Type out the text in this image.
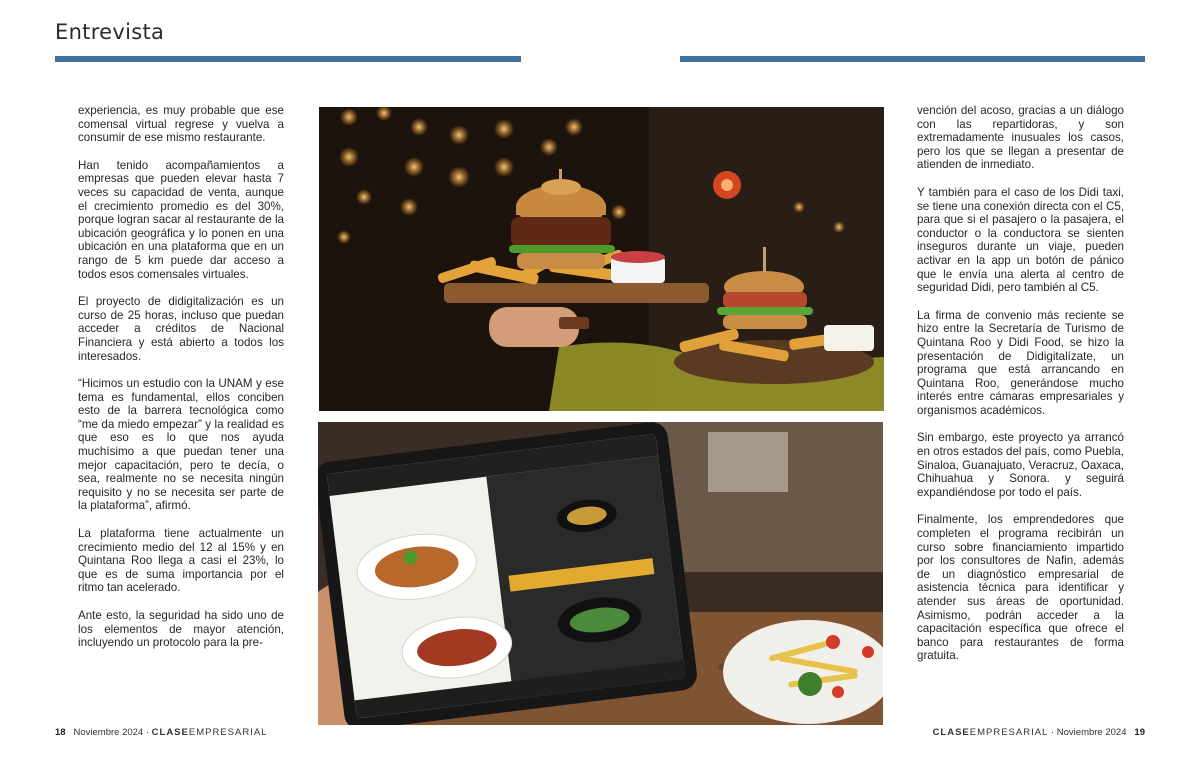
Entrevista

experiencia, es muy probable que ese comensal virtual regrese y vuelva a consumir de ese mismo restaurante.

Han tenido acompañamientos a empresas que pueden elevar hasta 7 veces su capacidad de venta, aunque el crecimiento promedio es del 30%, porque logran sacar al restaurante de la ubicación geográfica y lo ponen en una ubicación en una plataforma que en un rango de 5 km puede dar acceso a todos esos comensales virtuales.

El proyecto de didigitalización es un curso de 25 horas, incluso que puedan acceder a créditos de Nacional Financiera y está abierto a todos los interesados.

“Hicimos un estudio con la UNAM y ese tema es fundamental, ellos conciben esto de la barrera tecnológica como “me da miedo empezar” y la realidad es que eso es lo que nos ayuda muchísimo a que puedan tener una mejor capacitación, pero te decía, o sea, realmente no se necesita ningún requisito y no se necesita ser parte de la plataforma”, afirmó.

La plataforma tiene actualmente un crecimiento medio del 12 al 15% y en Quintana Roo llega a casi el 23%, lo que es de suma importancia por el ritmo tan acelerado.

Ante esto, la seguridad ha sido uno de los elementos de mayor atención, incluyendo un protocolo para la pre-

vención del acoso, gracias a un diálogo con las repartidoras, y son extremadamente inusuales los casos, pero los que se llegan a presentar de atienden de inmediato.

Y también para el caso de los Didi taxi, se tiene una conexión directa con el C5, para que si el pasajero o la pasajera, el conductor o la conductora se sienten inseguros durante un viaje, pueden activar en la app un botón de pánico que le envía una alerta al centro de seguridad Didi, pero también al C5.

La firma de convenio más reciente se hizo entre la Secretaría de Turismo de Quintana Roo y Didi Food, se hizo la presentación de Didigitalízate, un programa que está arrancando en Quintana Roo, generándose mucho interés entre cámaras empresariales y organismos académicos.

Sin embargo, este proyecto ya arrancó en otros estados del país, como Puebla, Sinaloa, Guanajuato, Veracruz, Oaxaca, Chihuahua y Sonora. y seguirá expandiéndose por todo el país.

Finalmente, los emprendedores que completen el programa recibirán un curso sobre financiamiento impartido por los consultores de Nafin, además de un diagnóstico empresarial de asistencia técnica para identificar y atender sus áreas de oportunidad. Asimismo, podrán acceder a la capacitación específica que ofrece el banco para restaurantes de forma gratuita.

18 Noviembre 2024 · CLASEEMPRESARIAL	CLASEEMPRESARIAL · Noviembre 2024 19
